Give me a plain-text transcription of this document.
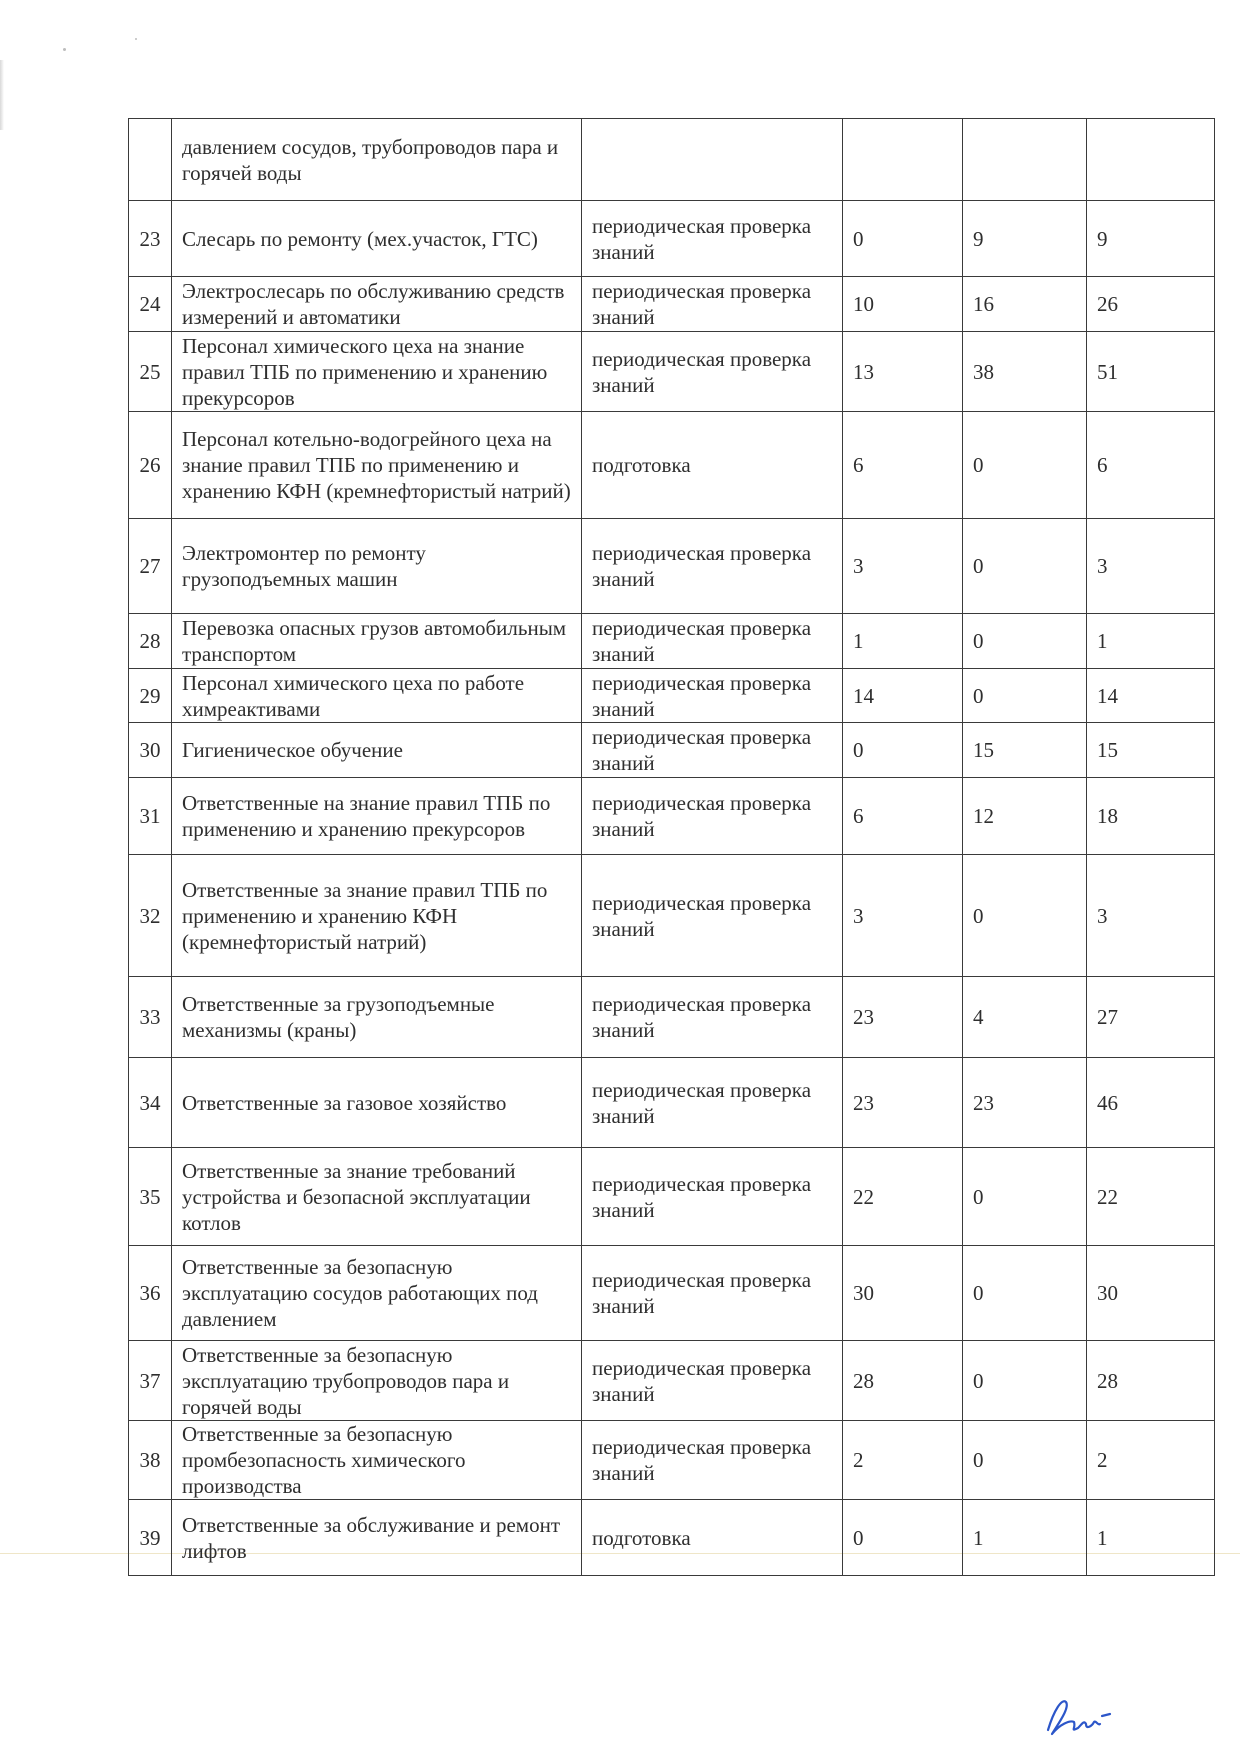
	давлением сосудов, трубопроводов пара и горячей воды				
23	Слесарь по ремонту (мех.участок, ГТС)	периодическая проверка знаний	0	9	9
24	Электрослесарь по обслуживанию средств измерений и автоматики	периодическая проверка знаний	10	16	26
25	Персонал химического цеха на знание правил ТПБ по применению и хранению прекурсоров	периодическая проверка знаний	13	38	51
26	Персонал котельно-водогрейного цеха на знание правил ТПБ по применению и хранению КФН (кремнефтористый натрий)	подготовка	6	0	6
27	Электромонтер по ремонту грузоподъемных машин	периодическая проверка знаний	3	0	3
28	Перевозка опасных грузов автомобильным транспортом	периодическая проверка знаний	1	0	1
29	Персонал химического цеха по работе химреактивами	периодическая проверка знаний	14	0	14
30	Гигиеническое обучение	периодическая проверка знаний	0	15	15
31	Ответственные на знание правил ТПБ по применению и хранению прекурсоров	периодическая проверка знаний	6	12	18
32	Ответственные за знание правил ТПБ по применению и хранению КФН (кремнефтористый натрий)	периодическая проверка знаний	3	0	3
33	Ответственные за грузоподъемные механизмы (краны)	периодическая проверка знаний	23	4	27
34	Ответственные за газовое хозяйство	периодическая проверка знаний	23	23	46
35	Ответственные за знание требований устройства и безопасной эксплуатации котлов	периодическая проверка знаний	22	0	22
36	Ответственные за безопасную эксплуатацию сосудов работающих под давлением	периодическая проверка знаний	30	0	30
37	Ответственные за безопасную эксплуатацию трубопроводов пара и горячей воды	периодическая проверка знаний	28	0	28
38	Ответственные за безопасную промбезопасность химического производства	периодическая проверка знаний	2	0	2
39	Ответственные за обслуживание и ремонт лифтов	подготовка	0	1	1
